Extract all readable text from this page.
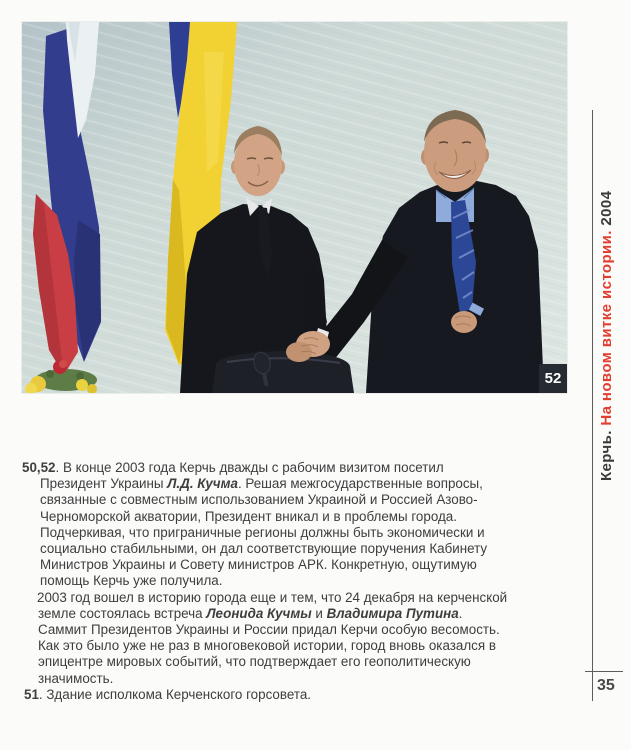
52

50,52. В конце 2003 года Керчь дважды с рабочим визитом посетил Президент Украины Л.Д. Кучма. Решая межгосударственные вопросы, связанные с совместным использованием Украиной и Россией Азово-Черноморской акватории, Президент вникал и в проблемы города. Подчеркивая, что приграничные регионы должны быть экономически и социально стабильными, он дал соответствующие поручения Кабинету Министров Украины и Совету министров АРК. Конкретную, ощутимую помощь Керчь уже получила.

2003 год вошел в историю города еще и тем, что 24 декабря на керченской земле состоялась встреча Леонида Кучмы и Владимира Путина. Саммит Президентов Украины и России придал Керчи особую весомость. Как это было уже не раз в многовековой истории, город вновь оказался в эпицентре мировых событий, что подтверждает его геополитическую значимость.

51. Здание исполкома Керченского горсовета.

Керчь. На новом витке истории. 2004
35
